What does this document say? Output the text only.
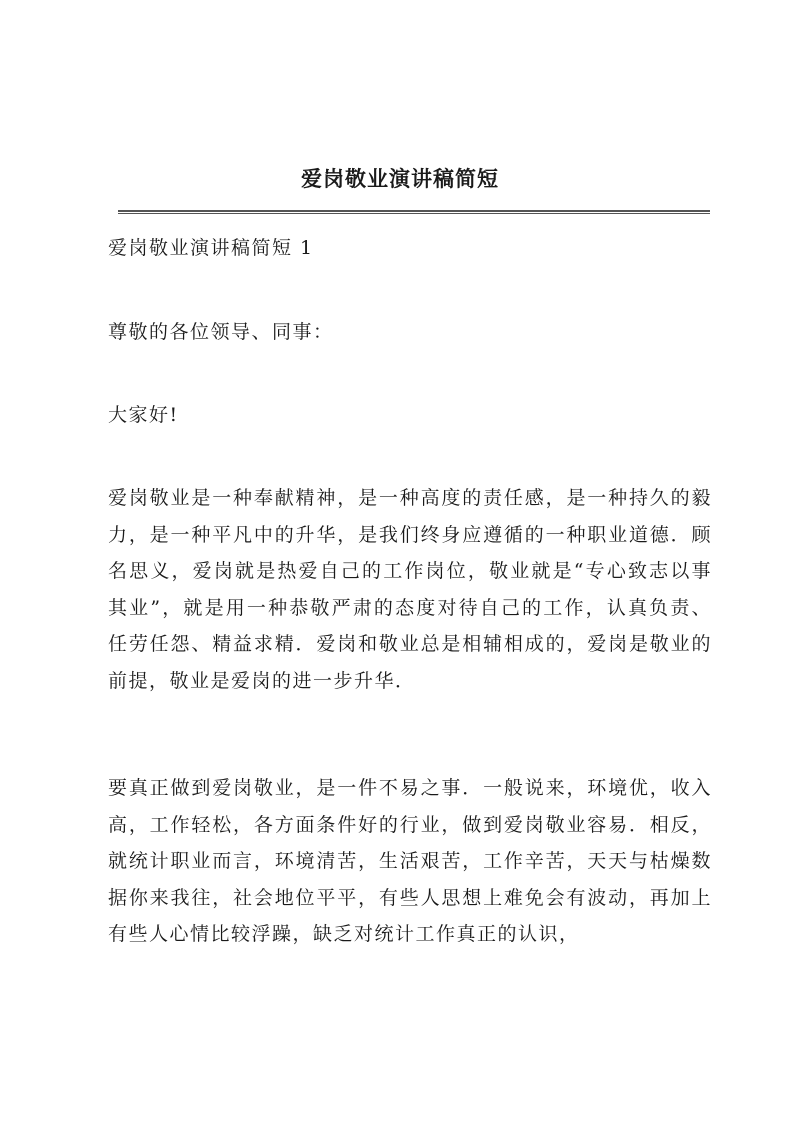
爱岗敬业演讲稿简短

爱岗敬业演讲稿简短 1

尊敬的各位领导、同事：

大家好!

爱岗敬业是一种奉献精神，是一种高度的责任感，是一种持久的毅力，是一种平凡中的升华，是我们终身应遵循的一种职业道德．顾名思义，爱岗就是热爱自己的工作岗位，敬业就是“专心致志以事其业”，就是用一种恭敬严肃的态度对待自己的工作，认真负责、任劳任怨、精益求精．爱岗和敬业总是相辅相成的，爱岗是敬业的前提，敬业是爱岗的进一步升华．

要真正做到爱岗敬业，是一件不易之事．一般说来，环境优，收入高，工作轻松，各方面条件好的行业，做到爱岗敬业容易．相反，就统计职业而言，环境清苦，生活艰苦，工作辛苦，天天与枯燥数据你来我往，社会地位平平，有些人思想上难免会有波动，再加上有些人心情比较浮躁，缺乏对统计工作真正的认识，
